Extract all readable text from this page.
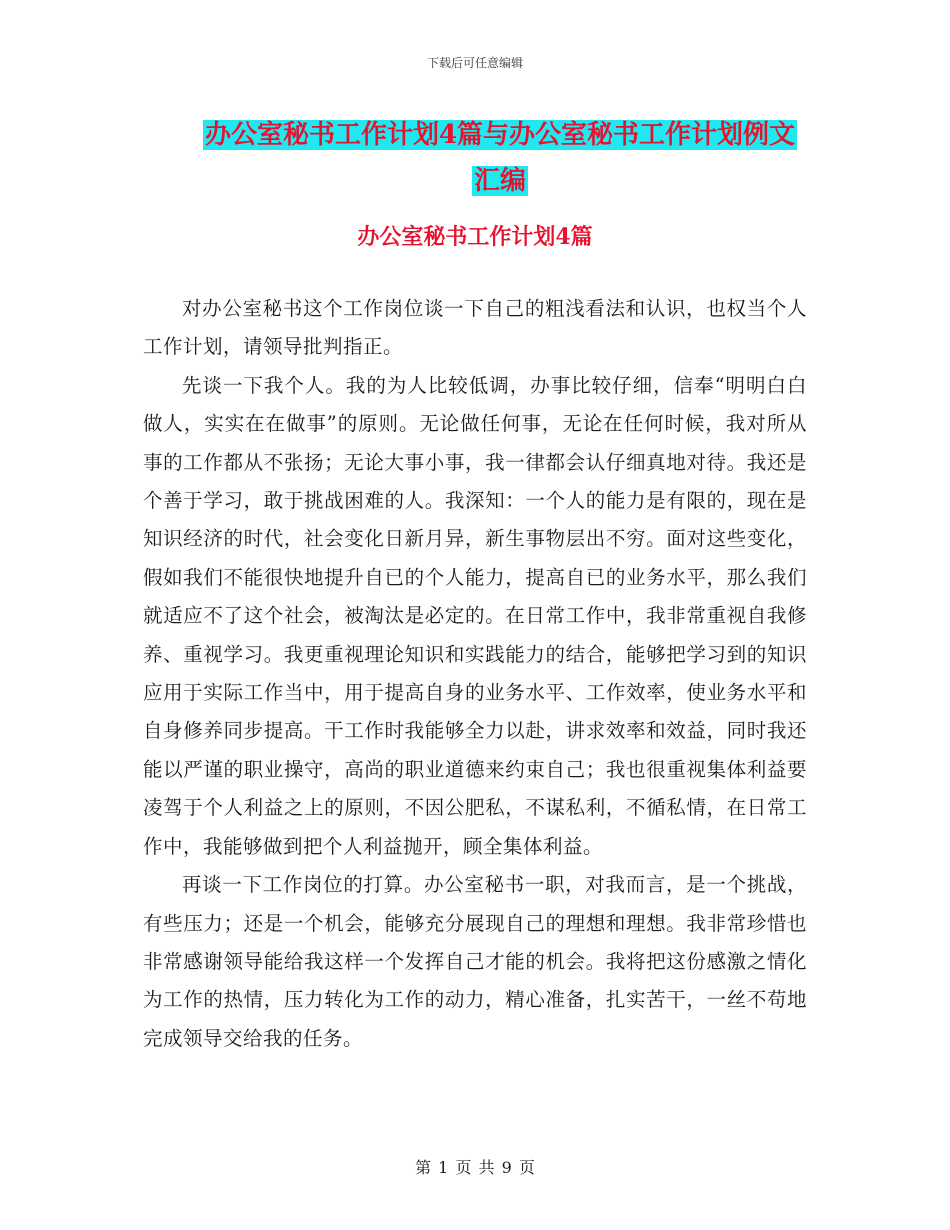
下载后可任意编辑
办公室秘书工作计划4篇与办公室秘书工作计划例文
汇编
办公室秘书工作计划4篇

对办公室秘书这个工作岗位谈一下自己的粗浅看法和认识，也权当个人工作计划，请领导批判指正。

先谈一下我个人。我的为人比较低调，办事比较仔细，信奉“明明白白做人，实实在在做事”的原则。无论做任何事，无论在任何时候，我对所从事的工作都从不张扬；无论大事小事，我一律都会认仔细真地对待。我还是个善于学习，敢于挑战困难的人。我深知：一个人的能力是有限的，现在是知识经济的时代，社会变化日新月异，新生事物层出不穷。面对这些变化，假如我们不能很快地提升自已的个人能力，提高自已的业务水平，那么我们就适应不了这个社会，被淘汰是必定的。在日常工作中，我非常重视自我修养、重视学习。我更重视理论知识和实践能力的结合，能够把学习到的知识应用于实际工作当中，用于提高自身的业务水平、工作效率，使业务水平和自身修养同步提高。干工作时我能够全力以赴，讲求效率和效益，同时我还能以严谨的职业操守，高尚的职业道德来约束自己；我也很重视集体利益要凌驾于个人利益之上的原则，不因公肥私，不谋私利，不循私情，在日常工作中，我能够做到把个人利益抛开，顾全集体利益。

再谈一下工作岗位的打算。办公室秘书一职，对我而言，是一个挑战，有些压力；还是一个机会，能够充分展现自己的理想和理想。我非常珍惜也非常感谢领导能给我这样一个发挥自己才能的机会。我将把这份感激之情化为工作的热情，压力转化为工作的动力，精心准备，扎实苦干，一丝不苟地完成领导交给我的任务。

第 1 页 共 9 页
